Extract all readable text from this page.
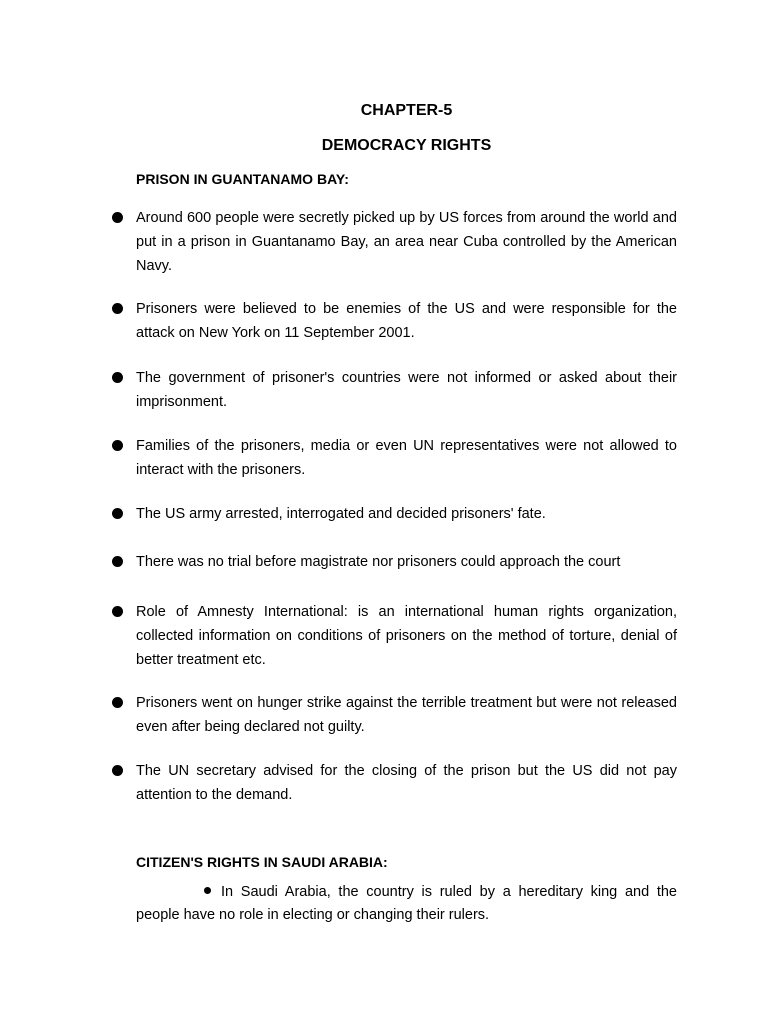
CHAPTER-5
DEMOCRACY RIGHTS
PRISON IN GUANTANAMO BAY:
Around 600 people were secretly picked up by US forces from around the world and put in a prison in Guantanamo Bay, an area near Cuba controlled by the American Navy.
Prisoners were believed to be enemies of the US and were responsible for the attack on New York on 11 September 2001.
The government of prisoner's countries were not informed or asked about their imprisonment.
Families of the prisoners, media or even UN representatives were not allowed to interact with the prisoners.
The US army arrested, interrogated and decided prisoners' fate.
There was no trial before magistrate nor prisoners could approach the court
Role of Amnesty International: is an international human rights organization, collected information on conditions of prisoners on the method of torture, denial of better treatment etc.
Prisoners went on hunger strike against the terrible treatment but were not released even after being declared not guilty.
The UN secretary advised for the closing of the prison but the US did not pay attention to the demand.
CITIZEN'S RIGHTS IN SAUDI ARABIA:
In Saudi Arabia, the country is ruled by a hereditary king and the people have no role in electing or changing their rulers.
